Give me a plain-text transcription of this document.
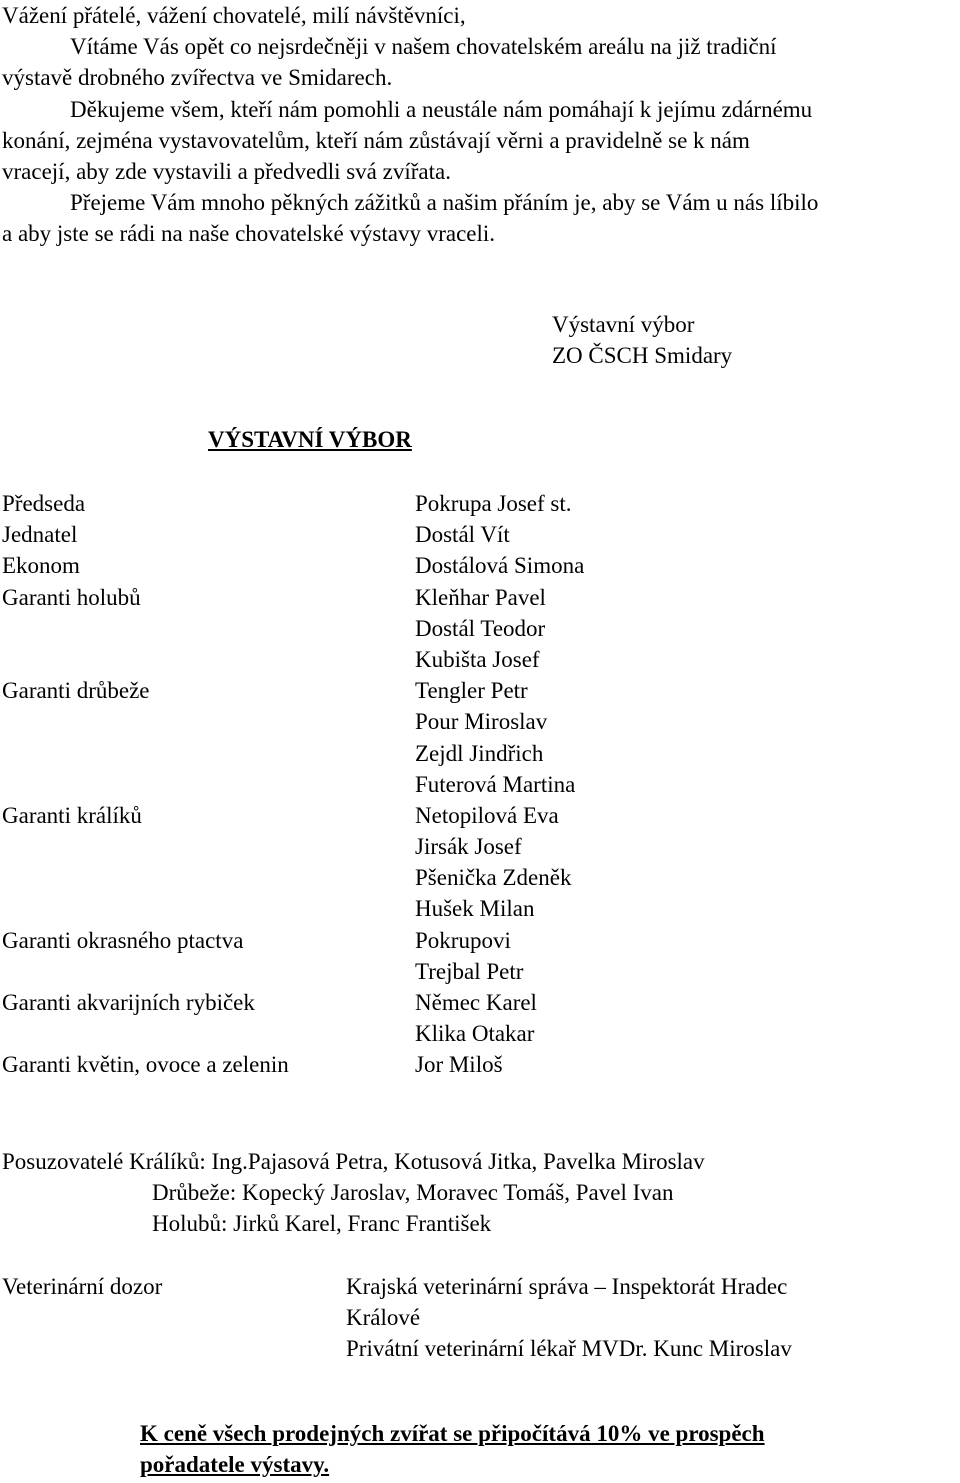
Vážení přátelé, vážení chovatelé, milí návštěvníci,
Vítáme Vás opět co nejsrdečněji v našem chovatelském areálu na již tradiční
výstavě drobného zvířectva ve Smidarech.
Děkujeme všem, kteří nám pomohli a neustále nám pomáhají k jejímu zdárnému
konání, zejména vystavovatelům, kteří nám zůstávají věrni a pravidelně se k nám
vracejí, aby zde vystavili a předvedli svá zvířata.
Přejeme Vám mnoho pěkných zážitků a našim přáním je, aby se Vám u nás líbilo
a aby jste se rádi na naše chovatelské výstavy vraceli.
Výstavní výbor
ZO ČSCH Smidary
VÝSTAVNÍ VÝBOR
Předseda
Jednatel
Ekonom
Garanti holubů
Garanti drůbeže
Garanti králíků
Garanti okrasného ptactva
Garanti akvarijních rybiček
Garanti květin, ovoce a zelenin
Pokrupa Josef st.
Dostál Vít
Dostálová Simona
Kleňhar Pavel
Dostál Teodor
Kubišta Josef
Tengler Petr
Pour Miroslav
Zejdl Jindřich
Futerová Martina
Netopilová Eva
Jirsák Josef
Pšenička Zdeněk
Hušek Milan
Pokrupovi
Trejbal Petr
Němec Karel
Klika Otakar
Jor Miloš
Posuzovatelé Králíků: Ing.Pajasová Petra, Kotusová Jitka, Pavelka Miroslav
Drůbeže: Kopecký Jaroslav, Moravec Tomáš, Pavel Ivan
Holubů: Jirků Karel, Franc František
Veterinární dozor	Krajská veterinární správa – Inspektorát Hradec
Králové
Privátní veterinární lékař MVDr. Kunc Miroslav
K ceně všech prodejných zvířat se připočítává 10% ve prospěch
pořadatele výstavy.
